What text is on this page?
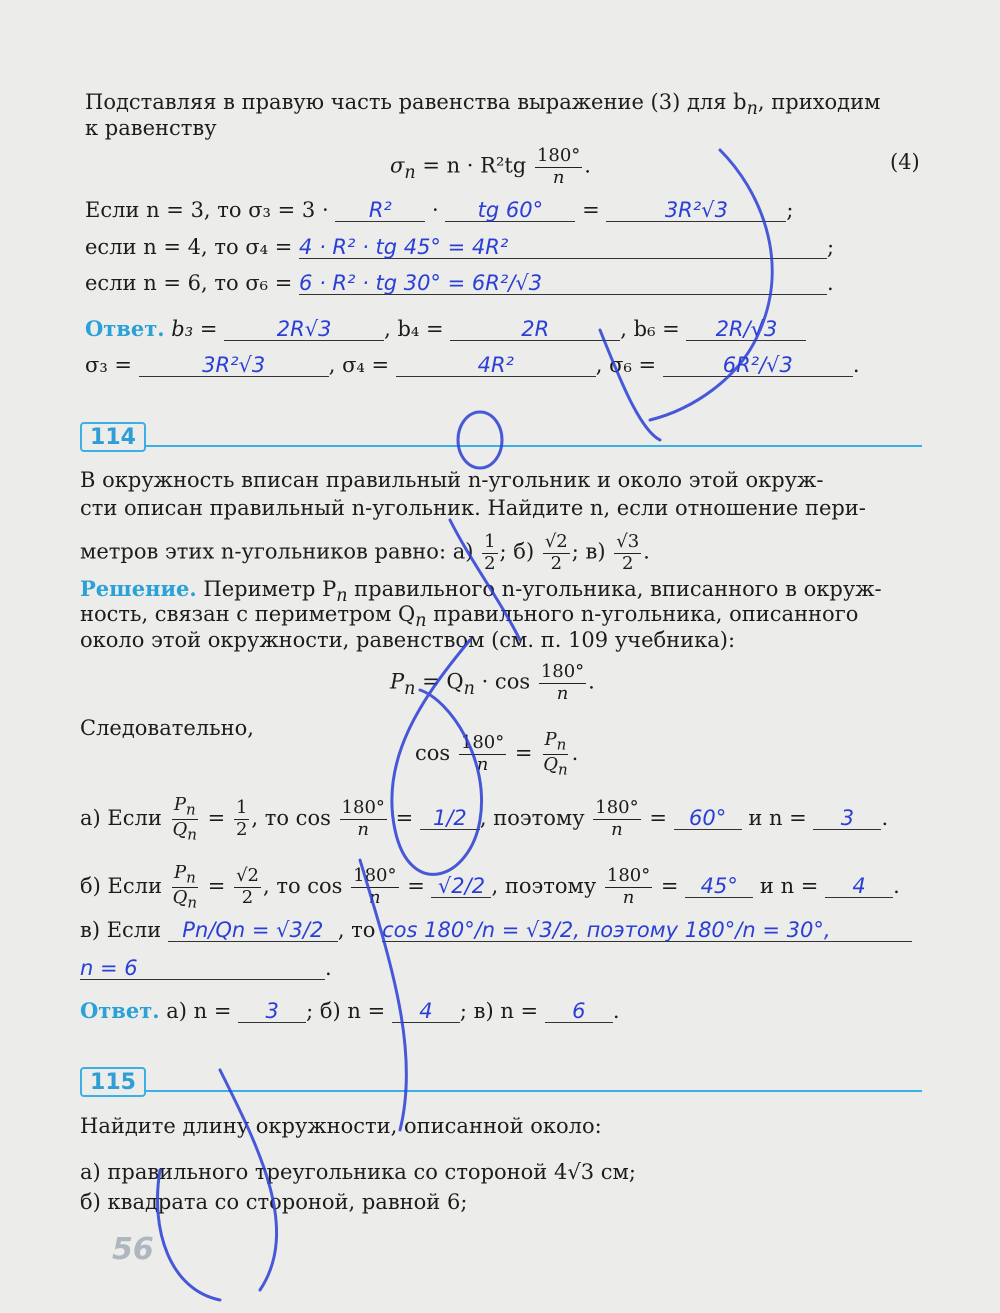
Подставляя в правую часть равенства выражение (3) для $b_n$, приходим
к равенству
$\sigma_n = n \cdot R^2tg \frac{180^\circ}{n}$ .	(4)
Если n = 3, то σ₃ = 3 · R² · tg 60° =	3R²√3	;
если n = 4, то σ₄ = 4 · R² · tg 45° = 4R²	;
если n = 6, то σ₆ = 6 · R² · tg 30° = 6R²/√3	.
Ответ. b₃ =	2R√3	, b₄ =	2R	, b₆ = 2R/√3
σ₃ =	3R²√3	, σ₄ =	4R²	, σ₆ =	6R²/√3	.
114
В окружность вписан правильный n-угольник и около этой окруж-
сти описан правильный n-угольник. Найдите n, если отношение пери-
метров этих n-угольников равно: $а) \frac{1}{2}$ ; $б) \frac{√2}{2}$ ; $в) \frac{√3}{2}$ .
Решение. Периметр $P_n$ правильного n-угольника, вписанного в окруж-
ность, связан с периметром $Q_n$ правильного n-угольника, описанного
около этой окружности, равенством (см. п. 109 учебника):
$P_n = Q_n \cdot \cos \frac{180^\circ}{n}$ .
Следовательно,
$\cos \frac{180^\circ}{n} = \frac{P_n}{Q_n}$ .
а) Если $\frac{P_n}{Q_n} = \frac{1}{2}$ , то $\cos \frac{180^\circ}{n} = 1/2$ , поэтому $\frac{180^\circ}{n} = 60^\circ$ и n = 3 .
б) Если $\frac{P_n}{Q_n} = \frac{√2}{2}$ , то $\cos \frac{180^\circ}{n} = √2/2$ , поэтому $\frac{180^\circ}{n} = 45^\circ$ и n = 4 .
в) Если Pn/Qn = √3/2 , то cos 180°/n = √3/2, поэтому 180°/n = 30°,
n = 6	.
Ответ. а) n = 3 ; б) n = 4 ; в) n = 6 .
115
Найдите длину окружности, описанной около:
а) правильного треугольника со стороной 4√3 см;
б) квадрата со стороной, равной 6;
56
